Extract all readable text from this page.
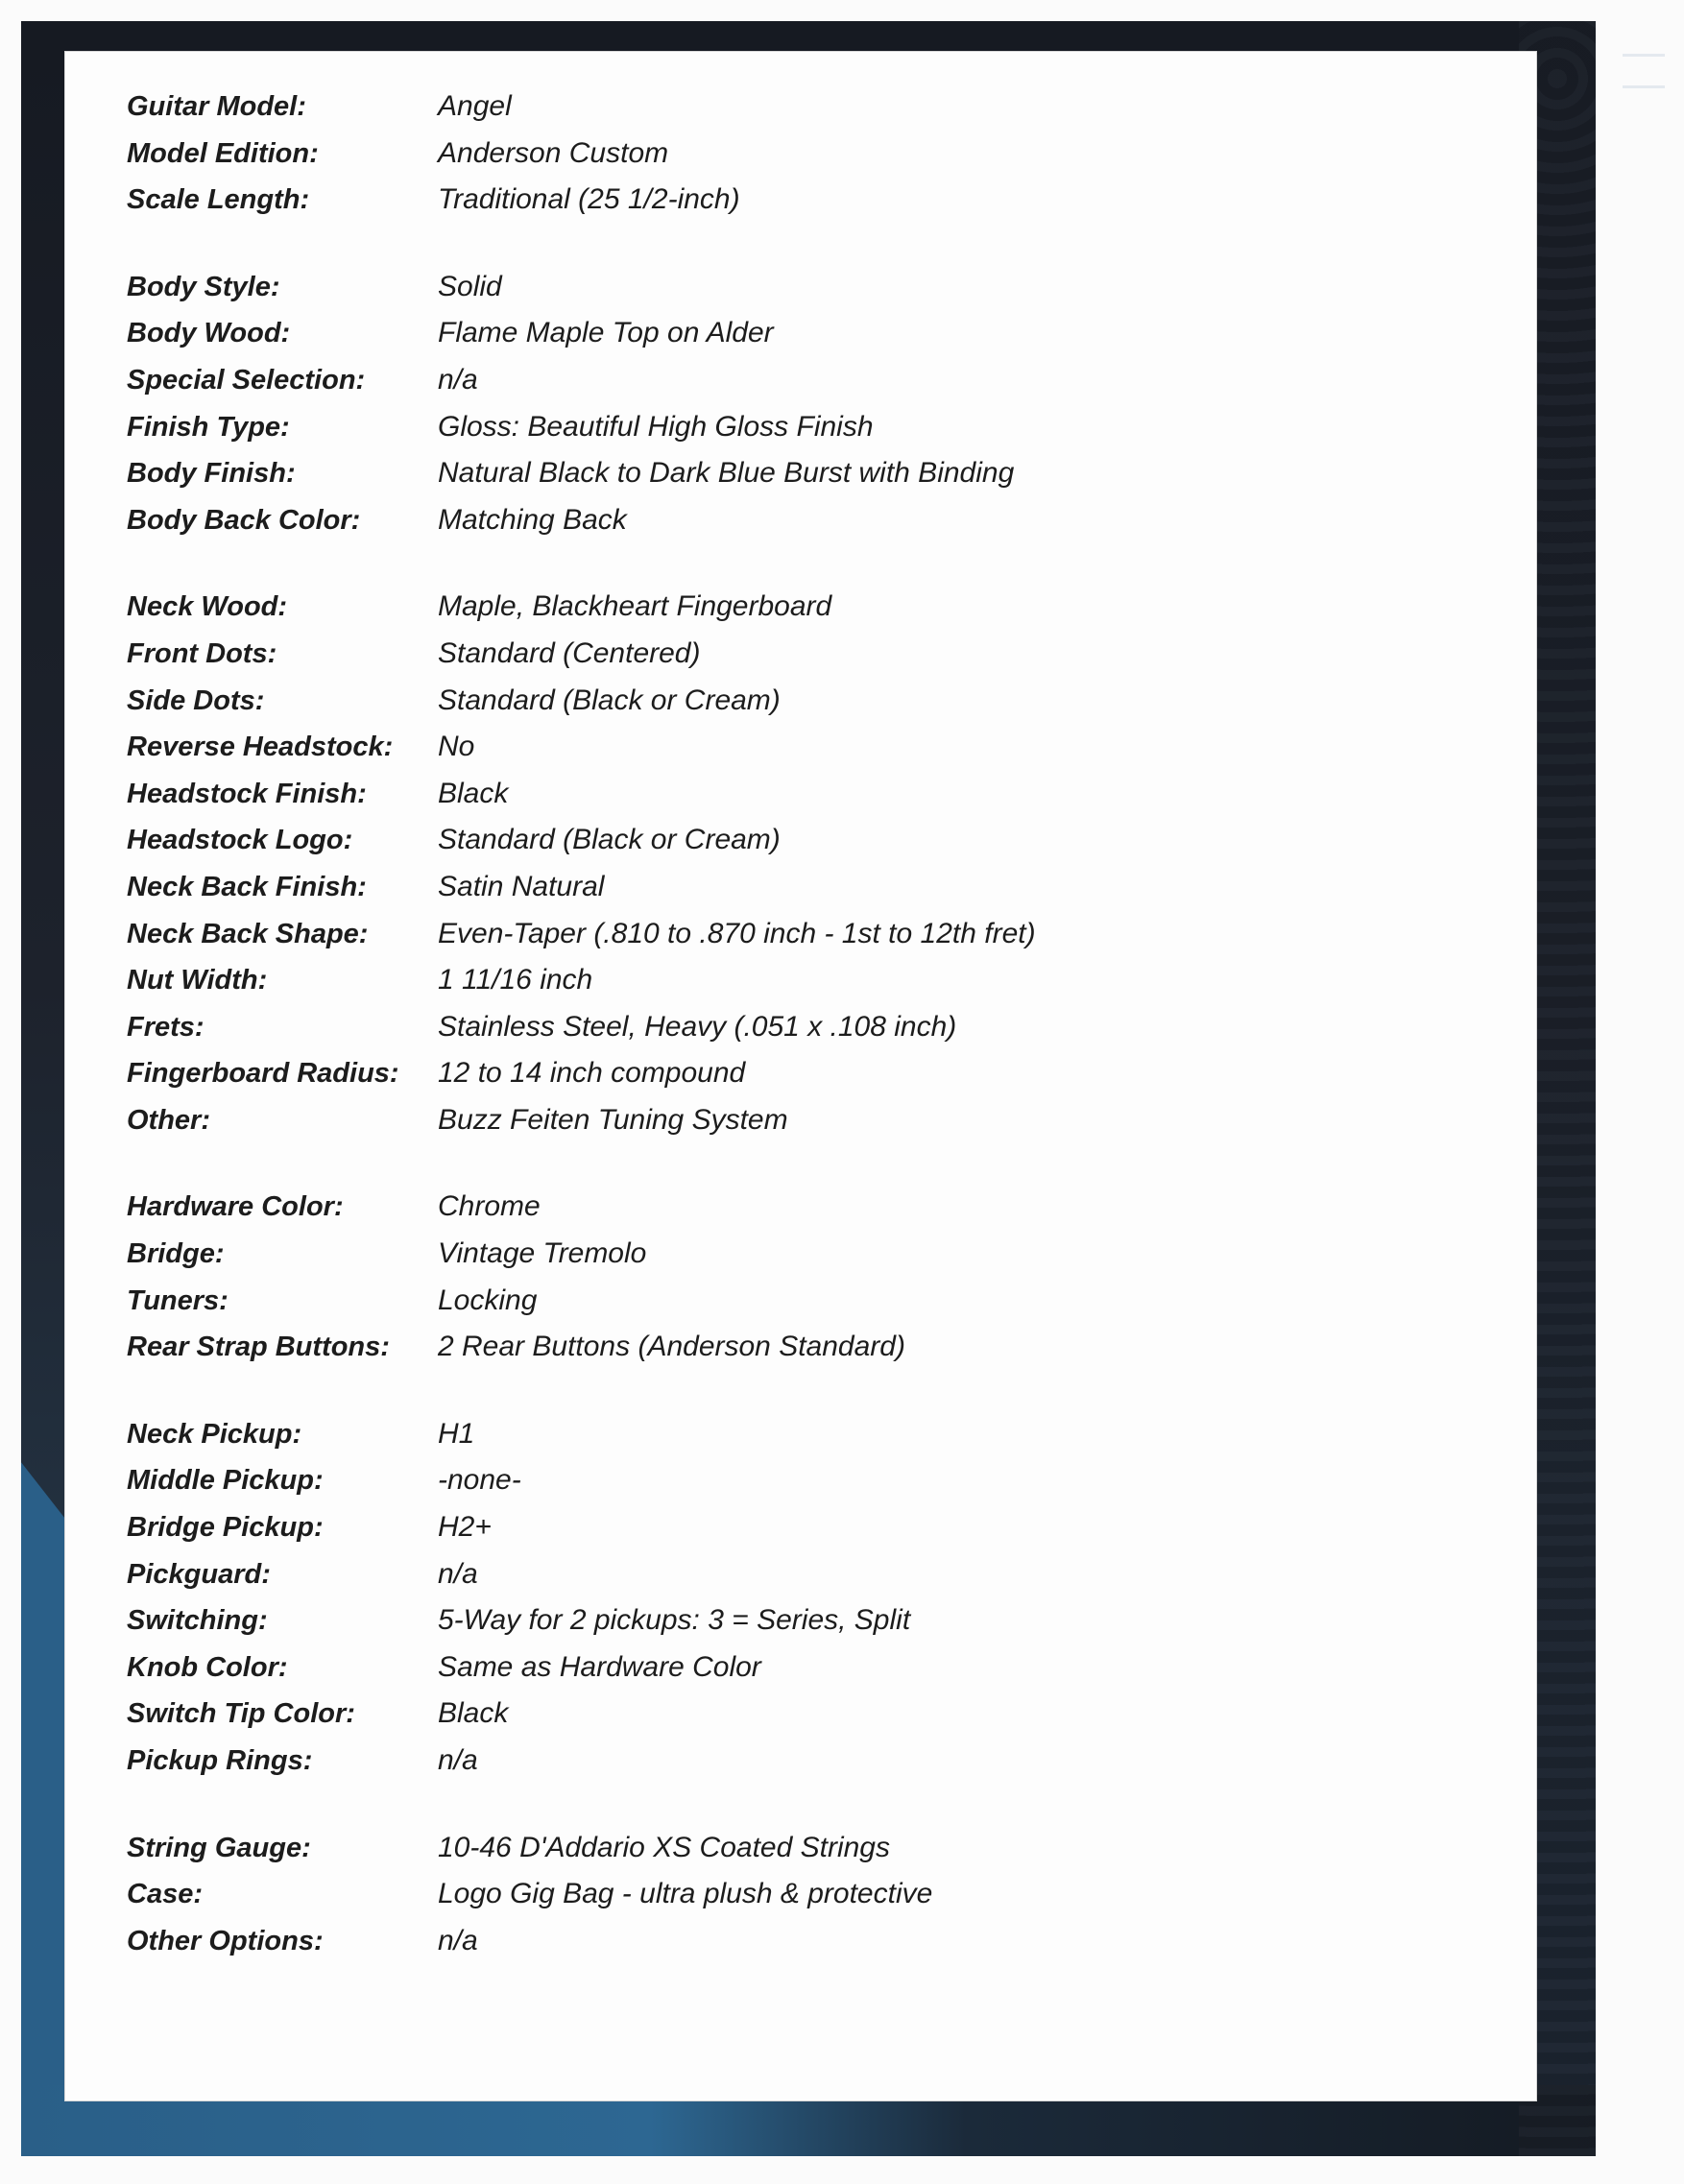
Guitar Model:	Angel
Model Edition:	Anderson Custom
Scale Length:	Traditional (25 1/2-inch)
Body Style:	Solid
Body Wood:	Flame Maple Top on Alder
Special Selection:	n/a
Finish Type:	Gloss: Beautiful High Gloss Finish
Body Finish:	Natural Black to Dark Blue Burst with Binding
Body Back Color:	Matching Back
Neck Wood:	Maple, Blackheart Fingerboard
Front Dots:	Standard (Centered)
Side Dots:	Standard (Black or Cream)
Reverse Headstock:	No
Headstock Finish:	Black
Headstock Logo:	Standard (Black or Cream)
Neck Back Finish:	Satin Natural
Neck Back Shape:	Even-Taper (.810 to .870 inch - 1st to 12th fret)
Nut Width:	1 11/16 inch
Frets:	Stainless Steel, Heavy (.051 x .108 inch)
Fingerboard Radius:	12 to 14 inch compound
Other:	Buzz Feiten Tuning System
Hardware Color:	Chrome
Bridge:	Vintage Tremolo
Tuners:	Locking
Rear Strap Buttons:	2 Rear Buttons (Anderson Standard)
Neck Pickup:	H1
Middle Pickup:	-none-
Bridge Pickup:	H2+
Pickguard:	n/a
Switching:	5-Way for 2 pickups: 3 = Series, Split
Knob Color:	Same as Hardware Color
Switch Tip Color:	Black
Pickup Rings:	n/a
String Gauge:	10-46 D'Addario XS Coated Strings
Case:	Logo Gig Bag - ultra plush & protective
Other Options:	n/a
